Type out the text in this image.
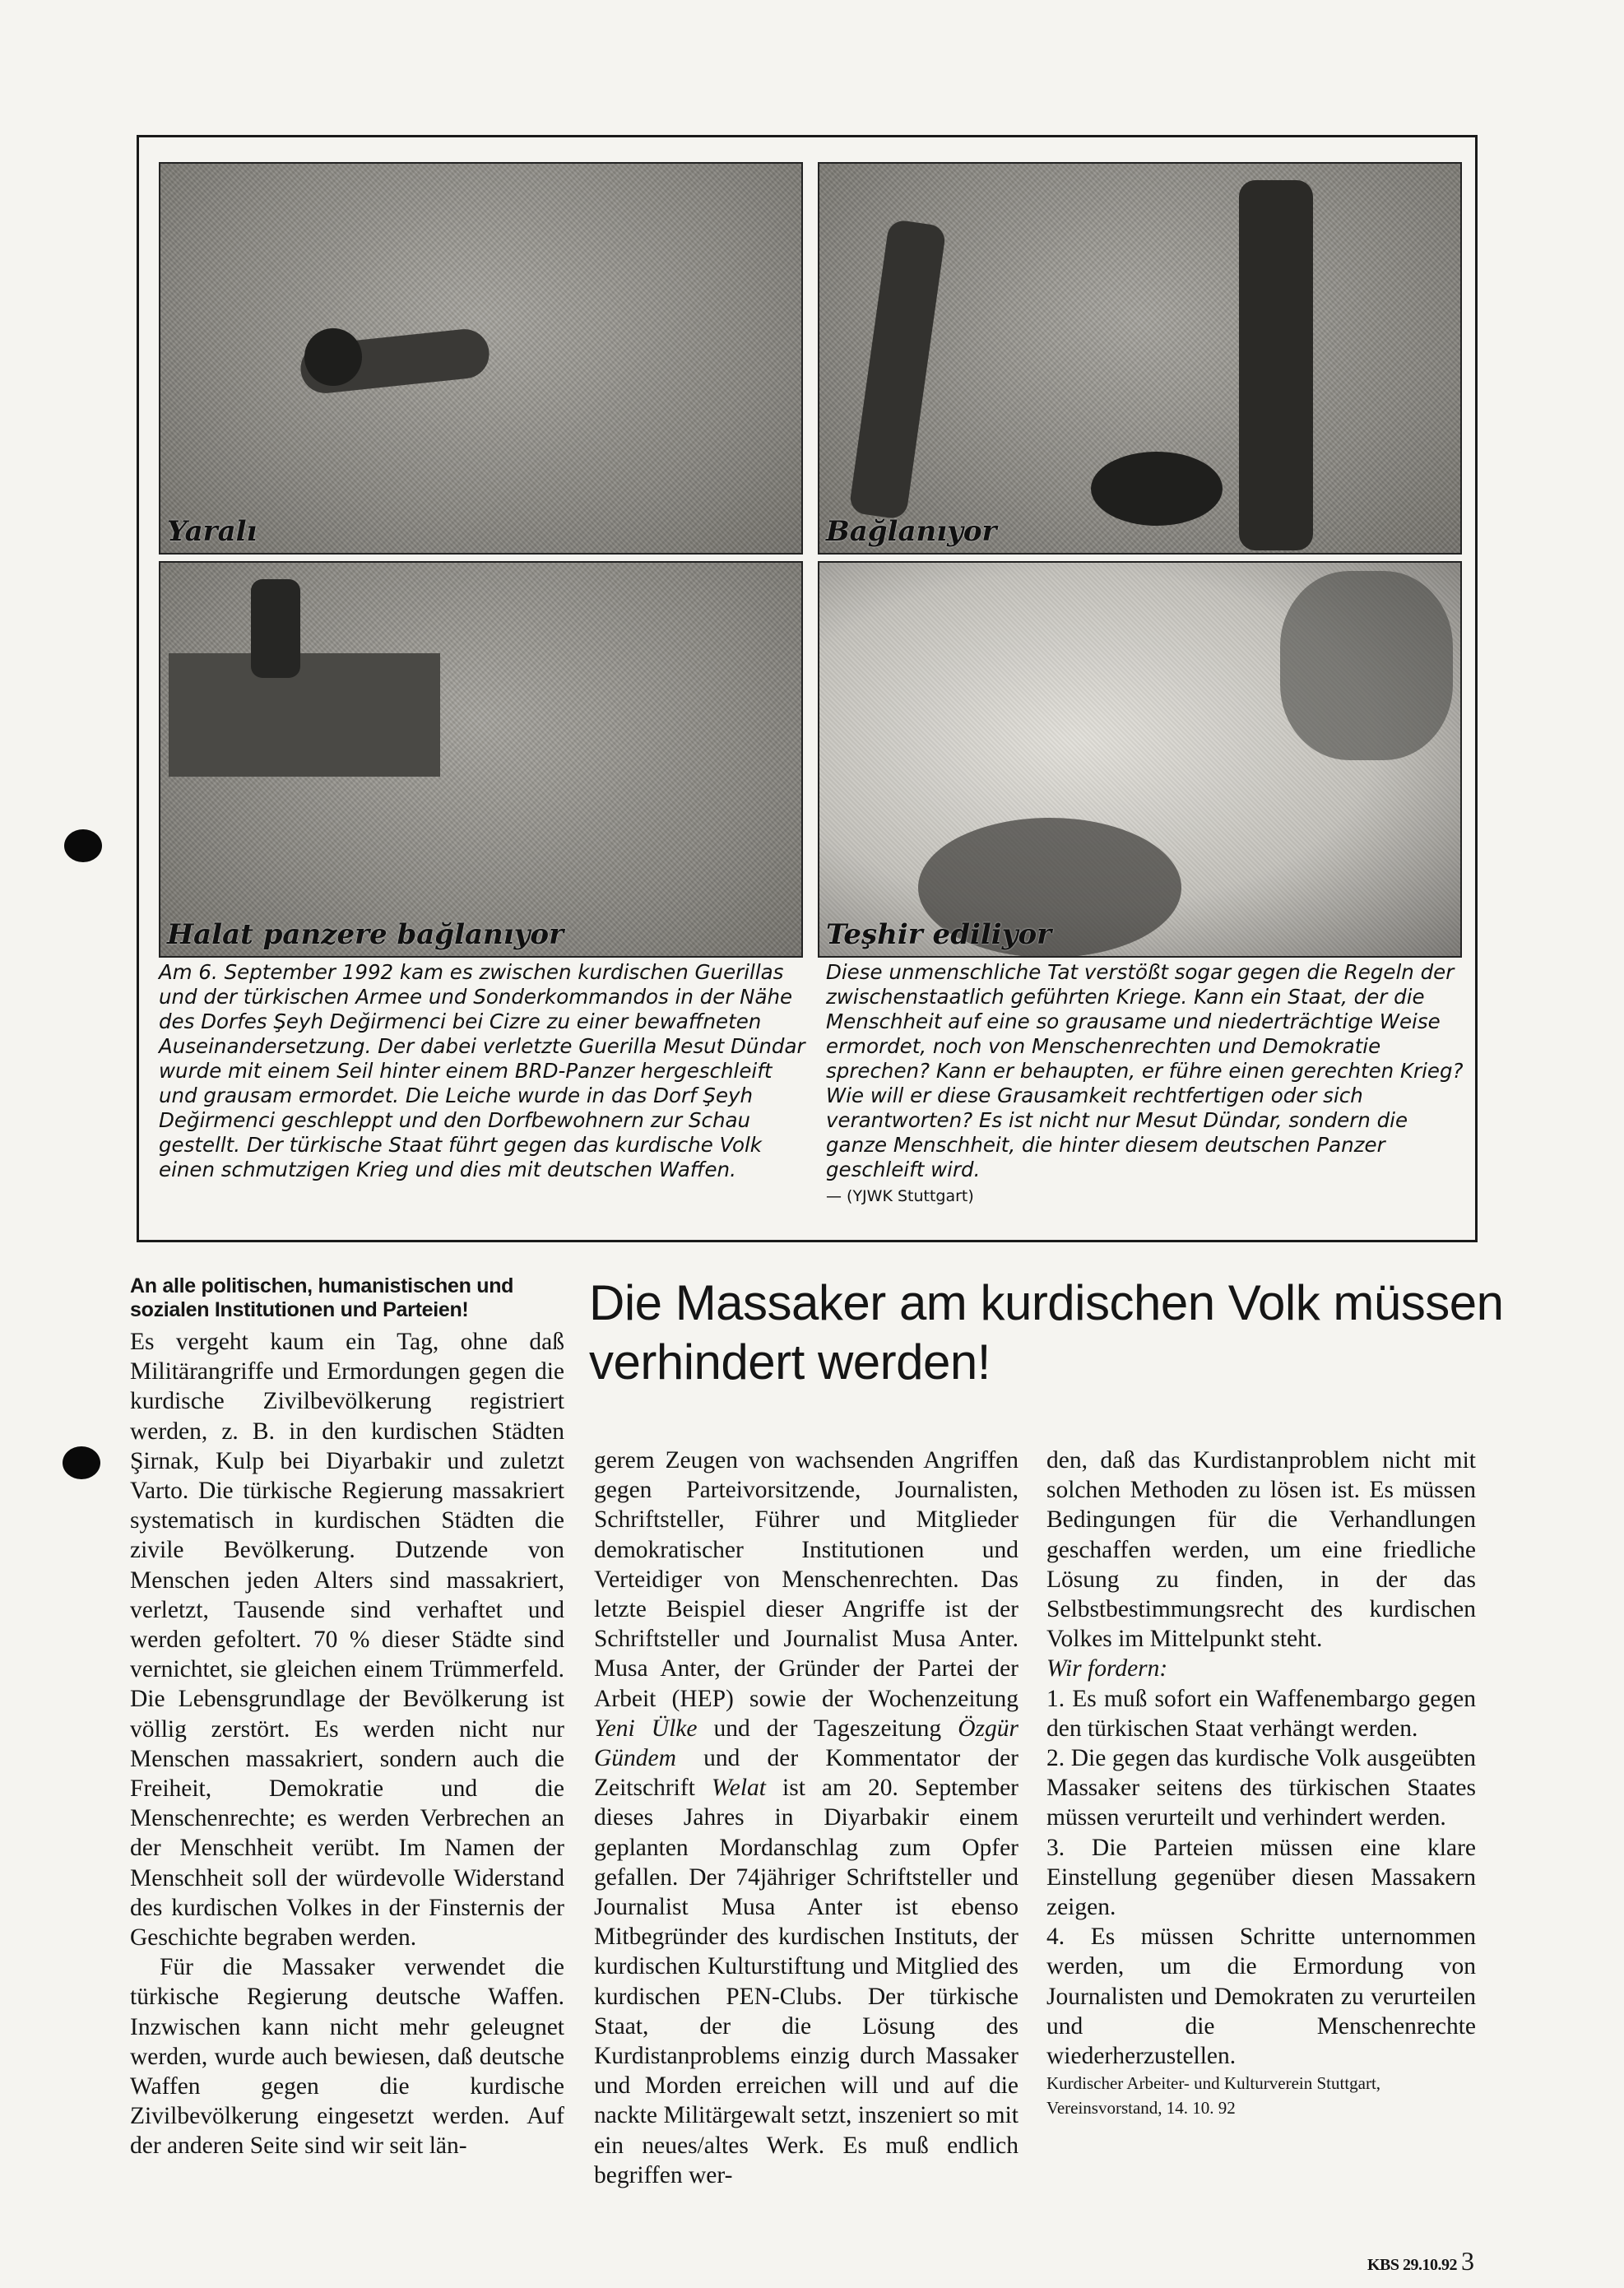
Yaralı	Bağlanıyor
Halat panzere bağlanıyor	Teşhir ediliyor

Am 6. September 1992 kam es zwischen kurdischen Guerillas und der türkischen Armee und Sonderkommandos in der Nähe des Dorfes Şeyh Değirmenci bei Cizre zu einer bewaffneten Auseinandersetzung. Der dabei verletzte Guerilla Mesut Dündar wurde mit einem Seil hinter einem BRD-Panzer hergeschleift und grausam ermordet. Die Leiche wurde in das Dorf Şeyh Değirmenci geschleppt und den Dorfbewohnern zur Schau gestellt. Der türkische Staat führt gegen das kurdische Volk einen schmutzigen Krieg und dies mit deutschen Waffen.

Diese unmenschliche Tat verstößt sogar gegen die Regeln der zwischenstaatlich geführten Kriege. Kann ein Staat, der die Menschheit auf eine so grausame und niederträchtige Weise ermordet, noch von Menschenrechten und Demokratie sprechen? Kann er behaupten, er führe einen gerechten Krieg? Wie will er diese Grausamkeit rechtfertigen oder sich verantworten? Es ist nicht nur Mesut Dündar, sondern die ganze Menschheit, die hinter diesem deutschen Panzer geschleift wird.
— (YJWK Stuttgart)
An alle politischen, humanistischen und sozialen Institutionen und Parteien!	Die Massaker am kurdischen Volk müssen verhindert werden!

Es vergeht kaum ein Tag, ohne daß Militärangriffe und Ermordungen gegen die kurdische Zivilbevölkerung registriert werden, z. B. in den kurdischen Städten Şirnak, Kulp bei Diyarbakir und zuletzt Varto. Die türkische Regierung massakriert systematisch in kurdischen Städten die zivile Bevölkerung. Dutzende von Menschen jeden Alters sind massakriert, verletzt, Tausende sind verhaftet und werden gefoltert. 70 % dieser Städte sind vernichtet, sie gleichen einem Trümmerfeld. Die Lebensgrundlage der Bevölkerung ist völlig zerstört. Es werden nicht nur Menschen massakriert, sondern auch die Freiheit, Demokratie und die Menschenrechte; es werden Verbrechen an der Menschheit verübt. Im Namen der Menschheit soll der würdevolle Widerstand des kurdischen Volkes in der Finsternis der Geschichte begraben werden.

Für die Massaker verwendet die türkische Regierung deutsche Waffen. Inzwischen kann nicht mehr geleugnet werden, wurde auch bewiesen, daß deutsche Waffen gegen die kurdische Zivilbevölkerung eingesetzt werden. Auf der anderen Seite sind wir seit län-

gerem Zeugen von wachsenden Angriffen gegen Parteivorsitzende, Journalisten, Schriftsteller, Führer und Mitglieder demokratischer Institutionen und Verteidiger von Menschenrechten. Das letzte Beispiel dieser Angriffe ist der Schriftsteller und Journalist Musa Anter. Musa Anter, der Gründer der Partei der Arbeit (HEP) sowie der Wochenzeitung Yeni Ülke und der Tageszeitung Özgür Gündem und der Kommentator der Zeitschrift Welat ist am 20. September dieses Jahres in Diyarbakir einem geplanten Mordanschlag zum Opfer gefallen. Der 74jähriger Schriftsteller und Journalist Musa Anter ist ebenso Mitbegründer des kurdischen Instituts, der kurdischen Kulturstiftung und Mitglied des kurdischen PEN-Clubs. Der türkische Staat, der die Lösung des Kurdistanproblems einzig durch Massaker und Morden erreichen will und auf die nackte Militärgewalt setzt, inszeniert so mit ein neues/altes Werk. Es muß endlich begriffen wer-

den, daß das Kurdistanproblem nicht mit solchen Methoden zu lösen ist. Es müssen Bedingungen für die Verhandlungen geschaffen werden, um eine friedliche Lösung zu finden, in der das Selbstbestimmungsrecht des kurdischen Volkes im Mittelpunkt steht.

Wir fordern:

1. Es muß sofort ein Waffenembargo gegen den türkischen Staat verhängt werden.

2. Die gegen das kurdische Volk ausgeübten Massaker seitens des türkischen Staates müssen verurteilt und verhindert werden.

3. Die Parteien müssen eine klare Einstellung gegenüber diesen Massakern zeigen.

4. Es müssen Schritte unternommen werden, um die Ermordung von Journalisten und Demokraten zu verurteilen und die Menschenrechte wiederherzustellen.

Kurdischer Arbeiter- und Kulturverein Stuttgart, Vereinsvorstand, 14. 10. 92

KBS 29.10.92 3
